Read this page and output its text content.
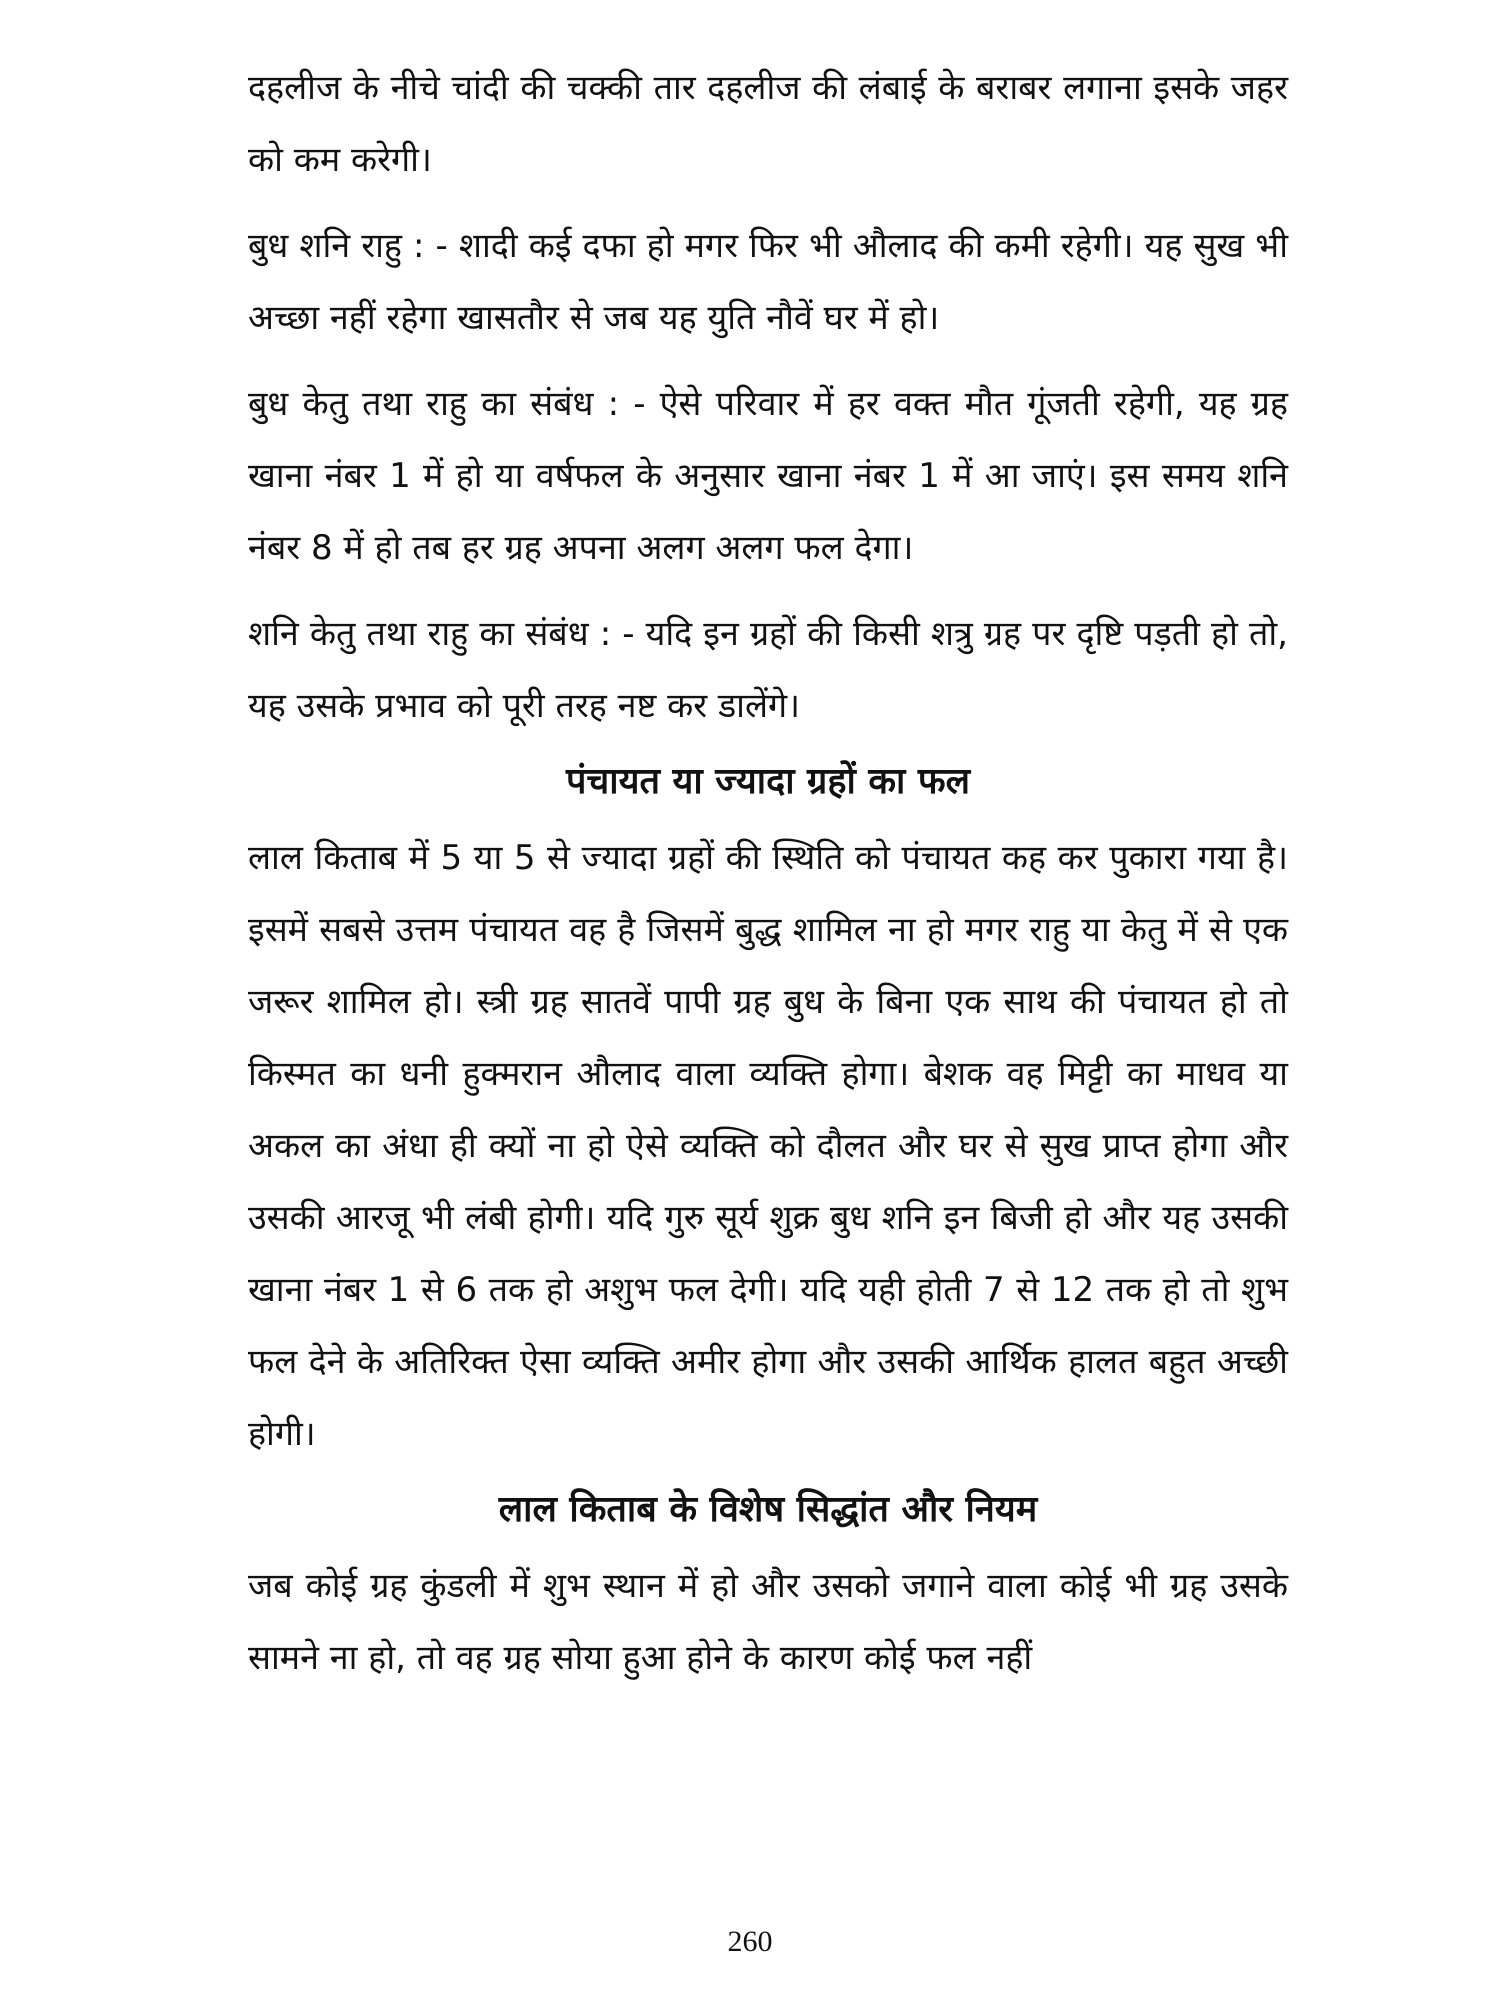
दहलीज के नीचे चांदी की चक्की तार दहलीज की लंबाई के बराबर लगाना इसके जहर को कम करेगी।

बुध शनि राहु : - शादी कई दफा हो मगर फिर भी औलाद की कमी रहेगी। यह सुख भी अच्छा नहीं रहेगा खासतौर से जब यह युति नौवें घर में हो।

बुध केतु तथा राहु का संबंध : - ऐसे परिवार में हर वक्त मौत गूंजती रहेगी, यह ग्रह खाना नंबर 1 में हो या वर्षफल के अनुसार खाना नंबर 1 में आ जाएं। इस समय शनि नंबर 8 में हो तब हर ग्रह अपना अलग अलग फल देगा।

शनि केतु तथा राहु का संबंध : - यदि इन ग्रहों की किसी शत्रु ग्रह पर दृष्टि पड़ती हो तो, यह उसके प्रभाव को पूरी तरह नष्ट कर डालेंगे।

पंचायत या ज्यादा ग्रहों का फल

लाल किताब में 5 या 5 से ज्यादा ग्रहों की स्थिति को पंचायत कह कर पुकारा गया है। इसमें सबसे उत्तम पंचायत वह है जिसमें बुद्ध शामिल ना हो मगर राहु या केतु में से एक जरूर शामिल हो। स्त्री ग्रह सातवें पापी ग्रह बुध के बिना एक साथ की पंचायत हो तो किस्मत का धनी हुक्मरान औलाद वाला व्यक्ति होगा। बेशक वह मिट्टी का माधव या अकल का अंधा ही क्यों ना हो ऐसे व्यक्ति को दौलत और घर से सुख प्राप्त होगा और उसकी आरजू भी लंबी होगी। यदि गुरु सूर्य शुक्र बुध शनि इन बिजी हो और यह उसकी खाना नंबर 1 से 6 तक हो अशुभ फल देगी। यदि यही होती 7 से 12 तक हो तो शुभ फल देने के अतिरिक्त ऐसा व्यक्ति अमीर होगा और उसकी आर्थिक हालत बहुत अच्छी होगी।

लाल किताब के विशेष सिद्धांत और नियम

जब कोई ग्रह कुंडली में शुभ स्थान में हो और उसको जगाने वाला कोई भी ग्रह उसके सामने ना हो, तो वह ग्रह सोया हुआ होने के कारण कोई फल नहीं

260
